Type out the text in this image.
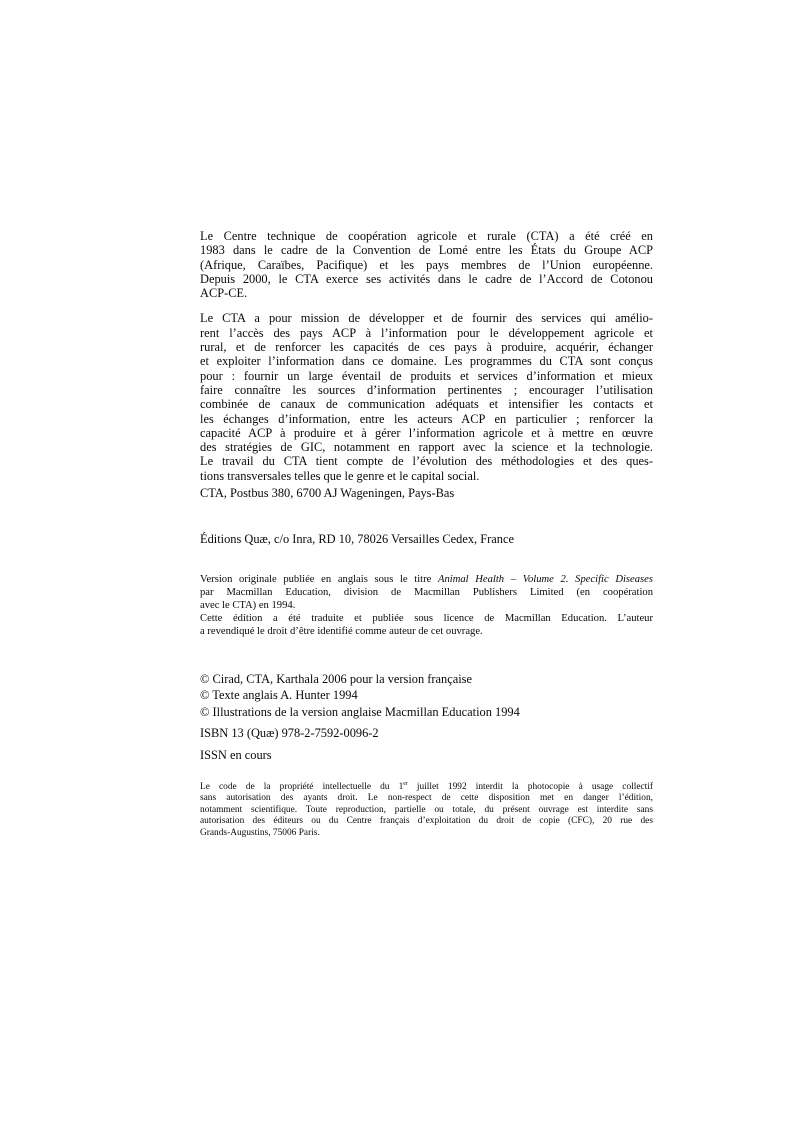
Le Centre technique de coopération agricole et rurale (CTA) a été créé en
1983 dans le cadre de la Convention de Lomé entre les États du Groupe ACP
(Afrique, Caraïbes, Pacifique) et les pays membres de l’Union européenne.
Depuis 2000, le CTA exerce ses activités dans le cadre de l’Accord de Cotonou
ACP-CE.
Le CTA a pour mission de développer et de fournir des services qui amélio-
rent l’accès des pays ACP à l’information pour le développement agricole et
rural, et de renforcer les capacités de ces pays à produire, acquérir, échanger
et exploiter l’information dans ce domaine. Les programmes du CTA sont conçus
pour : fournir un large éventail de produits et services d’information et mieux
faire connaître les sources d’information pertinentes ; encourager l’utilisation
combinée de canaux de communication adéquats et intensifier les contacts et
les échanges d’information, entre les acteurs ACP en particulier ; renforcer la
capacité ACP à produire et à gérer l’information agricole et à mettre en œuvre
des stratégies de GIC, notamment en rapport avec la science et la technologie.
Le travail du CTA tient compte de l’évolution des méthodologies et des ques-
tions transversales telles que le genre et le capital social.

CTA, Postbus 380, 6700 AJ Wageningen, Pays-Bas

Éditions Quæ, c/o Inra, RD 10, 78026 Versailles Cedex, France

Version originale publiée en anglais sous le titre Animal Health – Volume 2. Specific Diseases
par Macmillan Education, division de Macmillan Publishers Limited (en coopération
avec le CTA) en 1994.
Cette édition a été traduite et publiée sous licence de Macmillan Education. L’auteur
a revendiqué le droit d’être identifié comme auteur de cet ouvrage.
© Cirad, CTA, Karthala 2006 pour la version française
© Texte anglais A. Hunter 1994
© Illustrations de la version anglaise Macmillan Education 1994

ISBN 13 (Quæ) 978-2-7592-0096-2

ISSN en cours

Le code de la propriété intellectuelle du 1er juillet 1992 interdit la photocopie à usage collectif
sans autorisation des ayants droit. Le non-respect de cette disposition met en danger l’édition,
notamment scientifique. Toute reproduction, partielle ou totale, du présent ouvrage est interdite sans
autorisation des éditeurs ou du Centre français d’exploitation du droit de copie (CFC), 20 rue des
Grands-Augustins, 75006 Paris.
